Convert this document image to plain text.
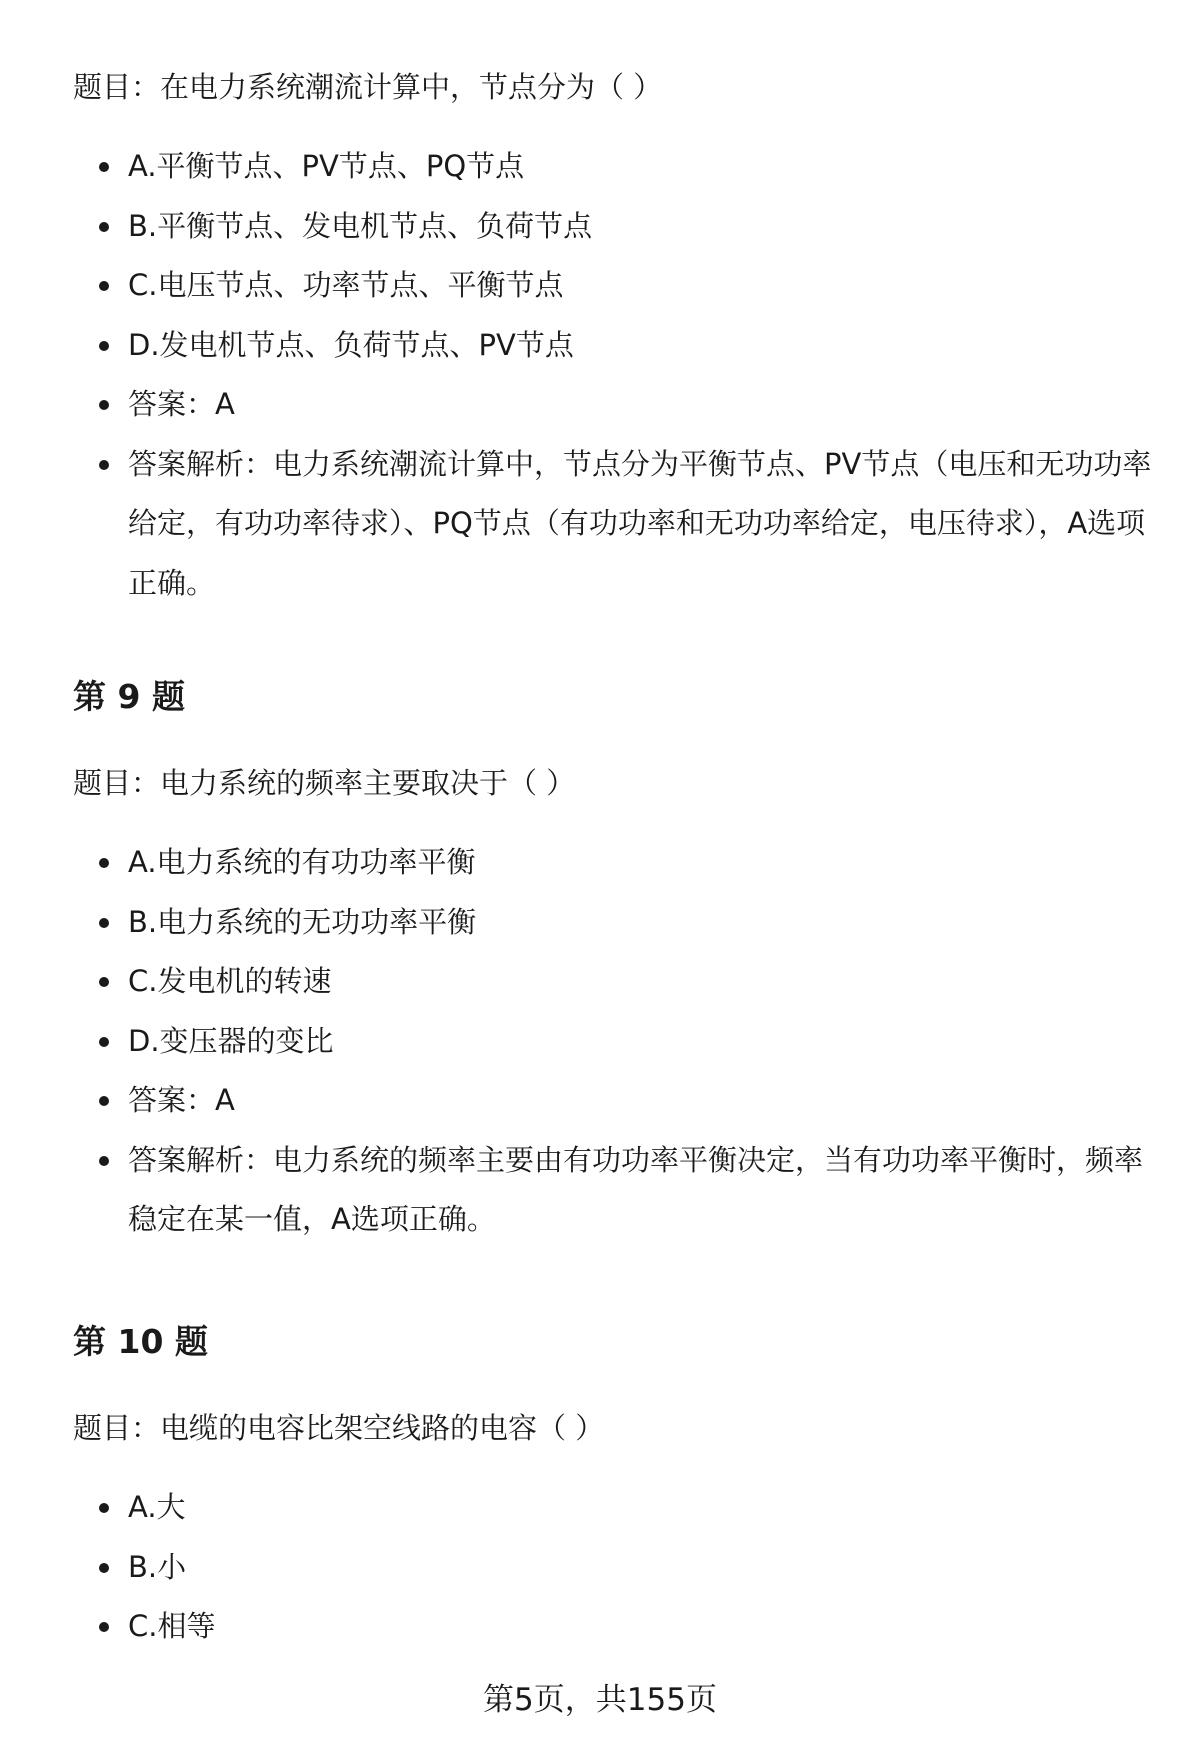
题目：在电力系统潮流计算中，节点分为（ ）

A.平衡节点、PV节点、PQ节点
B.平衡节点、发电机节点、负荷节点
C.电压节点、功率节点、平衡节点
D.发电机节点、负荷节点、PV节点
答案：A
答案解析：电力系统潮流计算中，节点分为平衡节点、PV节点（电压和无功功率给定，有功功率待求）、PQ节点（有功功率和无功功率给定，电压待求），A选项正确。
第 9 题

题目：电力系统的频率主要取决于（ ）

A.电力系统的有功功率平衡
B.电力系统的无功功率平衡
C.发电机的转速
D.变压器的变比
答案：A
答案解析：电力系统的频率主要由有功功率平衡决定，当有功功率平衡时，频率稳定在某一值，A选项正确。
第 10 题

题目：电缆的电容比架空线路的电容（ ）

A.大
B.小
C.相等
第5页，共155页
